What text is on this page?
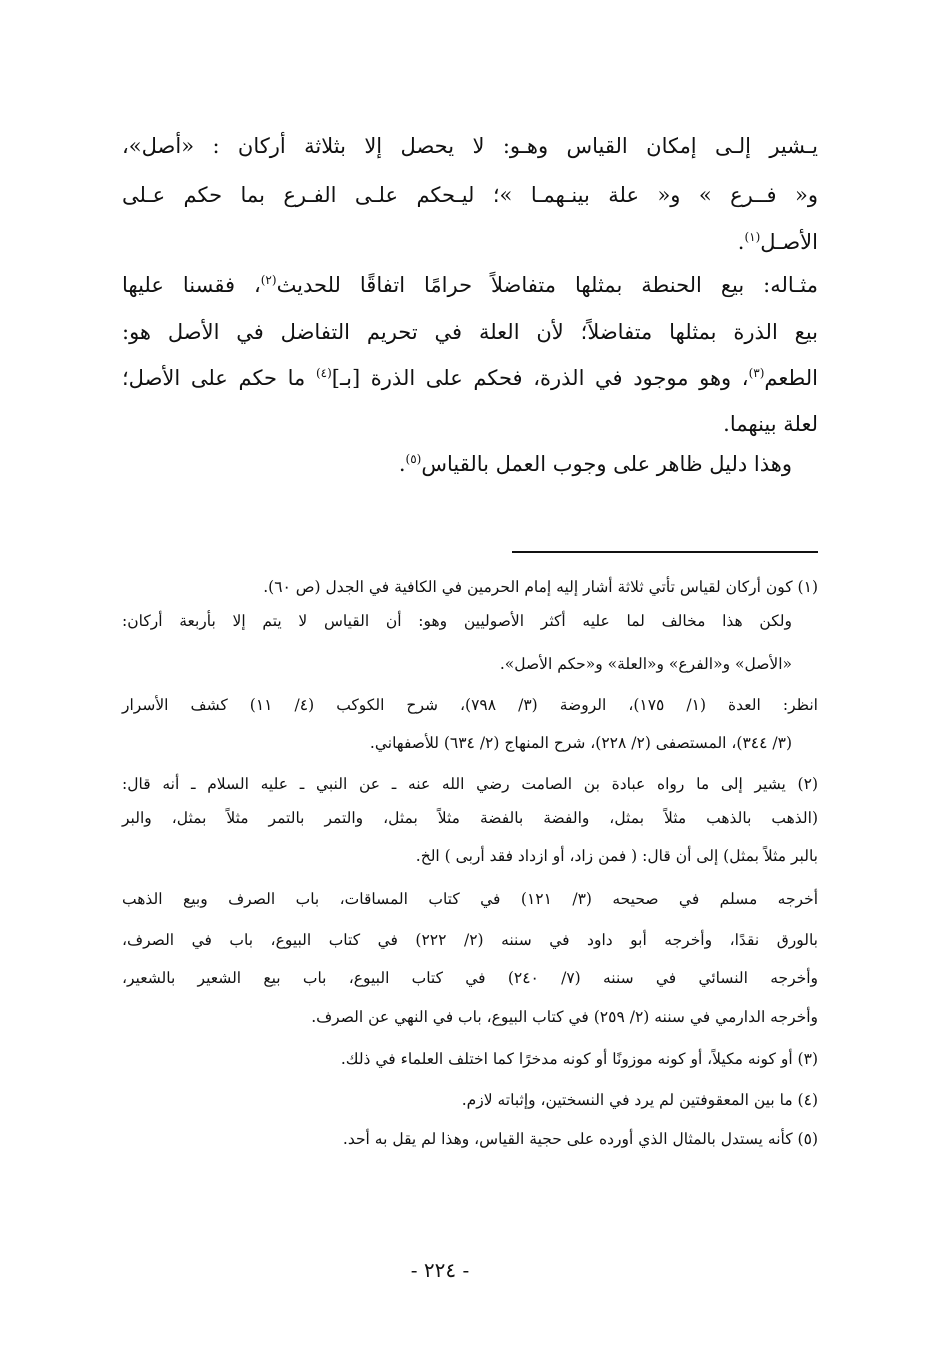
يـشير إلـى إمكان القياس وهـو: لا يحصل إلا بثلاثة أركان : «أصل»،
و« فــرع » و« علة بينـهمـا »؛ ليـحكم علـى الفـرع بما حكم عـلى
الأصـل$^{(١)}$.
مثـاله: بيع الحنطة بمثلها متفاضلاً حرامًا اتفاقًا للحديث$^{(٢)}$، فقسنا عليها
بيع الذرة بمثلها متفاضلاً؛ لأن العلة في تحريم التفاضل في الأصل هو:
الطعم$^{(٣)}$، وهو موجود في الذرة، فحكم على الذرة [بـ]$^{(٤)}$ ما حكم على الأصل؛
لعلة بينهما.
وهذا دليل ظاهر على وجوب العمل بالقياس$^{(٥)}$.
(١) كون أركان لقياس تأتي ثلاثة أشار إليه إمام الحرمين في الكافية في الجدل (ص ٦٠).
ولكن هذا مخالف لما عليه أكثر الأصوليين وهو: أن القياس لا يتم إلا بأربعة أركان:
«الأصل» و«الفرع» و«العلة» و«حكم الأصل».
انظر: العدة (١/ ١٧٥)، الروضة (٣/ ٧٩٨)، شرح الكوكب (٤/ ١١) كشف الأسرار
(٣/ ٣٤٤)، المستصفى (٢/ ٢٢٨)، شرح المنهاج (٢/ ٦٣٤) للأصفهاني.
(٢) يشير إلى ما رواه عبادة بن الصامت رضي الله عنه ـ عن النبي ـ عليه السلام ـ أنه قال:
(الذهب بالذهب مثلاً بمثل، والفضة بالفضة مثلاً بمثل، والتمر بالتمر مثلاً بمثل، والبر
بالبر مثلاً بمثل) إلى أن قال: ( فمن زاد، أو ازداد فقد أربى ) الخ.
أخرجه مسلم في صحيحه (٣/ ١٢١) في كتاب المساقات، باب الصرف وبيع الذهب
بالورق نقدًا، وأخرجه أبو داود في سننه (٢/ ٢٢٢) في كتاب البيوع، باب في الصرف،
وأخرجه النسائي في سننه (٧/ ٢٤٠) في كتاب البيوع، باب بيع الشعير بالشعير،
وأخرجه الدارمي في سننه (٢/ ٢٥٩) في كتاب البيوع، باب في النهي عن الصرف.
(٣) أو كونه مكيلاً، أو كونه موزونًا أو كونه مدخرًا كما اختلف العلماء في ذلك.
(٤) ما بين المعقوفتين لم يرد في النسختين، وإثباته لازم.
(٥) كأنه يستدل بالمثال الذي أورده على حجية القياس، وهذا لم يقل به أحد.
- ٢٢٤ -
